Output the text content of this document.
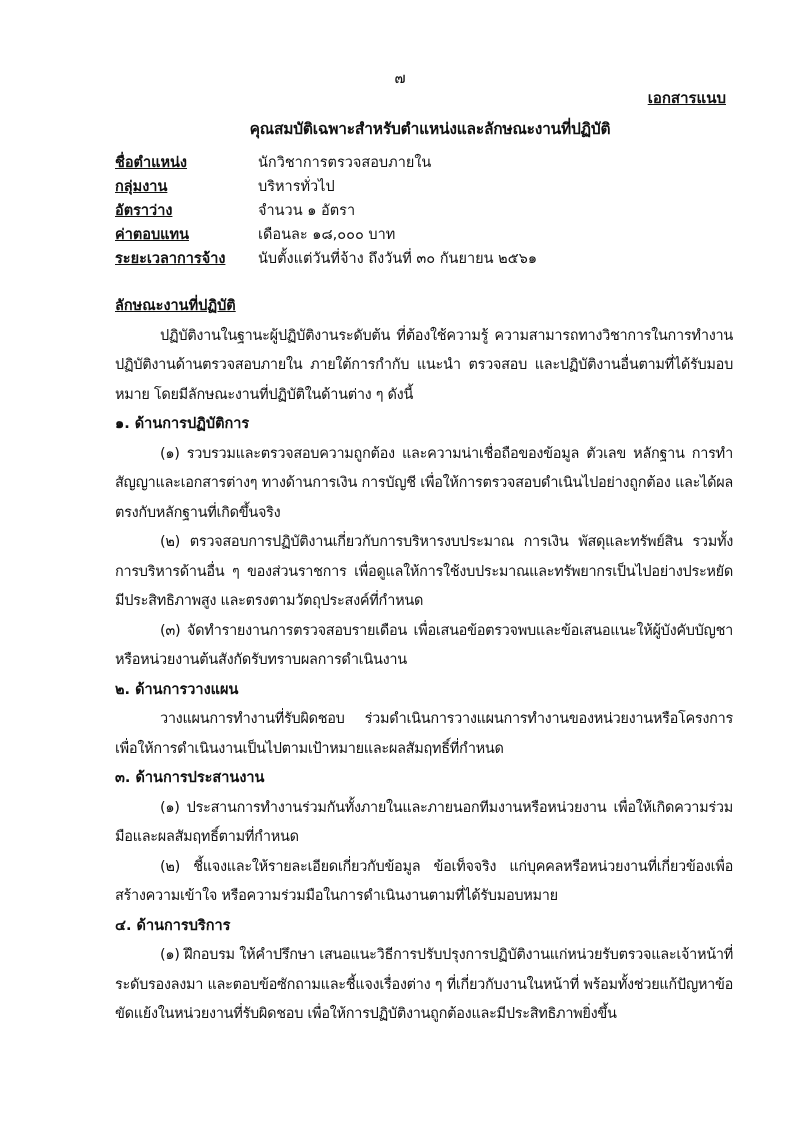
๗
เอกสารแนบ
คุณสมบัติเฉพาะสำหรับตำแหน่งและลักษณะงานที่ปฏิบัติ
ชื่อตำแหน่ง	นักวิชาการตรวจสอบภายใน
กลุ่มงาน	บริหารทั่วไป
อัตราว่าง	จำนวน ๑ อัตรา
ค่าตอบแทน	เดือนละ ๑๘,๐๐๐ บาท
ระยะเวลาการจ้าง	นับตั้งแต่วันที่จ้าง ถึงวันที่ ๓๐ กันยายน ๒๕๖๑

ลักษณะงานที่ปฏิบัติ

ปฏิบัติงานในฐานะผู้ปฏิบัติงานระดับต้น ที่ต้องใช้ความรู้ ความสามารถทางวิชาการในการทำงาน ปฏิบัติงานด้านตรวจสอบภายใน ภายใต้การกำกับ แนะนำ ตรวจสอบ และปฏิบัติงานอื่นตามที่ได้รับมอบหมาย โดยมีลักษณะงานที่ปฏิบัติในด้านต่าง ๆ ดังนี้

๑. ด้านการปฏิบัติการ

(๑) รวบรวมและตรวจสอบความถูกต้อง และความน่าเชื่อถือของข้อมูล ตัวเลข หลักฐาน การทำสัญญาและเอกสารต่างๆ ทางด้านการเงิน การบัญชี เพื่อให้การตรวจสอบดำเนินไปอย่างถูกต้อง และได้ผลตรงกับหลักฐานที่เกิดขึ้นจริง

(๒) ตรวจสอบการปฏิบัติงานเกี่ยวกับการบริหารงบประมาณ การเงิน พัสดุและทรัพย์สิน รวมทั้งการบริหารด้านอื่น ๆ ของส่วนราชการ เพื่อดูแลให้การใช้งบประมาณและทรัพยากรเป็นไปอย่างประหยัด มีประสิทธิภาพสูง และตรงตามวัตถุประสงค์ที่กำหนด

(๓) จัดทำรายงานการตรวจสอบรายเดือน เพื่อเสนอข้อตรวจพบและข้อเสนอแนะให้ผู้บังคับบัญชาหรือหน่วยงานต้นสังกัดรับทราบผลการดำเนินงาน

๒. ด้านการวางแผน

วางแผนการทำงานที่รับผิดชอบ ร่วมดำเนินการวางแผนการทำงานของหน่วยงานหรือโครงการ เพื่อให้การดำเนินงานเป็นไปตามเป้าหมายและผลสัมฤทธิ์ที่กำหนด

๓. ด้านการประสานงาน

(๑) ประสานการทำงานร่วมกันทั้งภายในและภายนอกทีมงานหรือหน่วยงาน เพื่อให้เกิดความร่วมมือและผลสัมฤทธิ์ตามที่กำหนด

(๒) ชี้แจงและให้รายละเอียดเกี่ยวกับข้อมูล ข้อเท็จจริง แก่บุคคลหรือหน่วยงานที่เกี่ยวข้องเพื่อสร้างความเข้าใจ หรือความร่วมมือในการดำเนินงานตามที่ได้รับมอบหมาย

๔. ด้านการบริการ

(๑) ฝึกอบรม ให้คำปรึกษา เสนอแนะวิธีการปรับปรุงการปฏิบัติงานแก่หน่วยรับตรวจและเจ้าหน้าที่ระดับรองลงมา และตอบข้อซักถามและชี้แจงเรื่องต่าง ๆ ที่เกี่ยวกับงานในหน้าที่ พร้อมทั้งช่วยแก้ปัญหาข้อขัดแย้งในหน่วยงานที่รับผิดชอบ เพื่อให้การปฏิบัติงานถูกต้องและมีประสิทธิภาพยิ่งขึ้น
